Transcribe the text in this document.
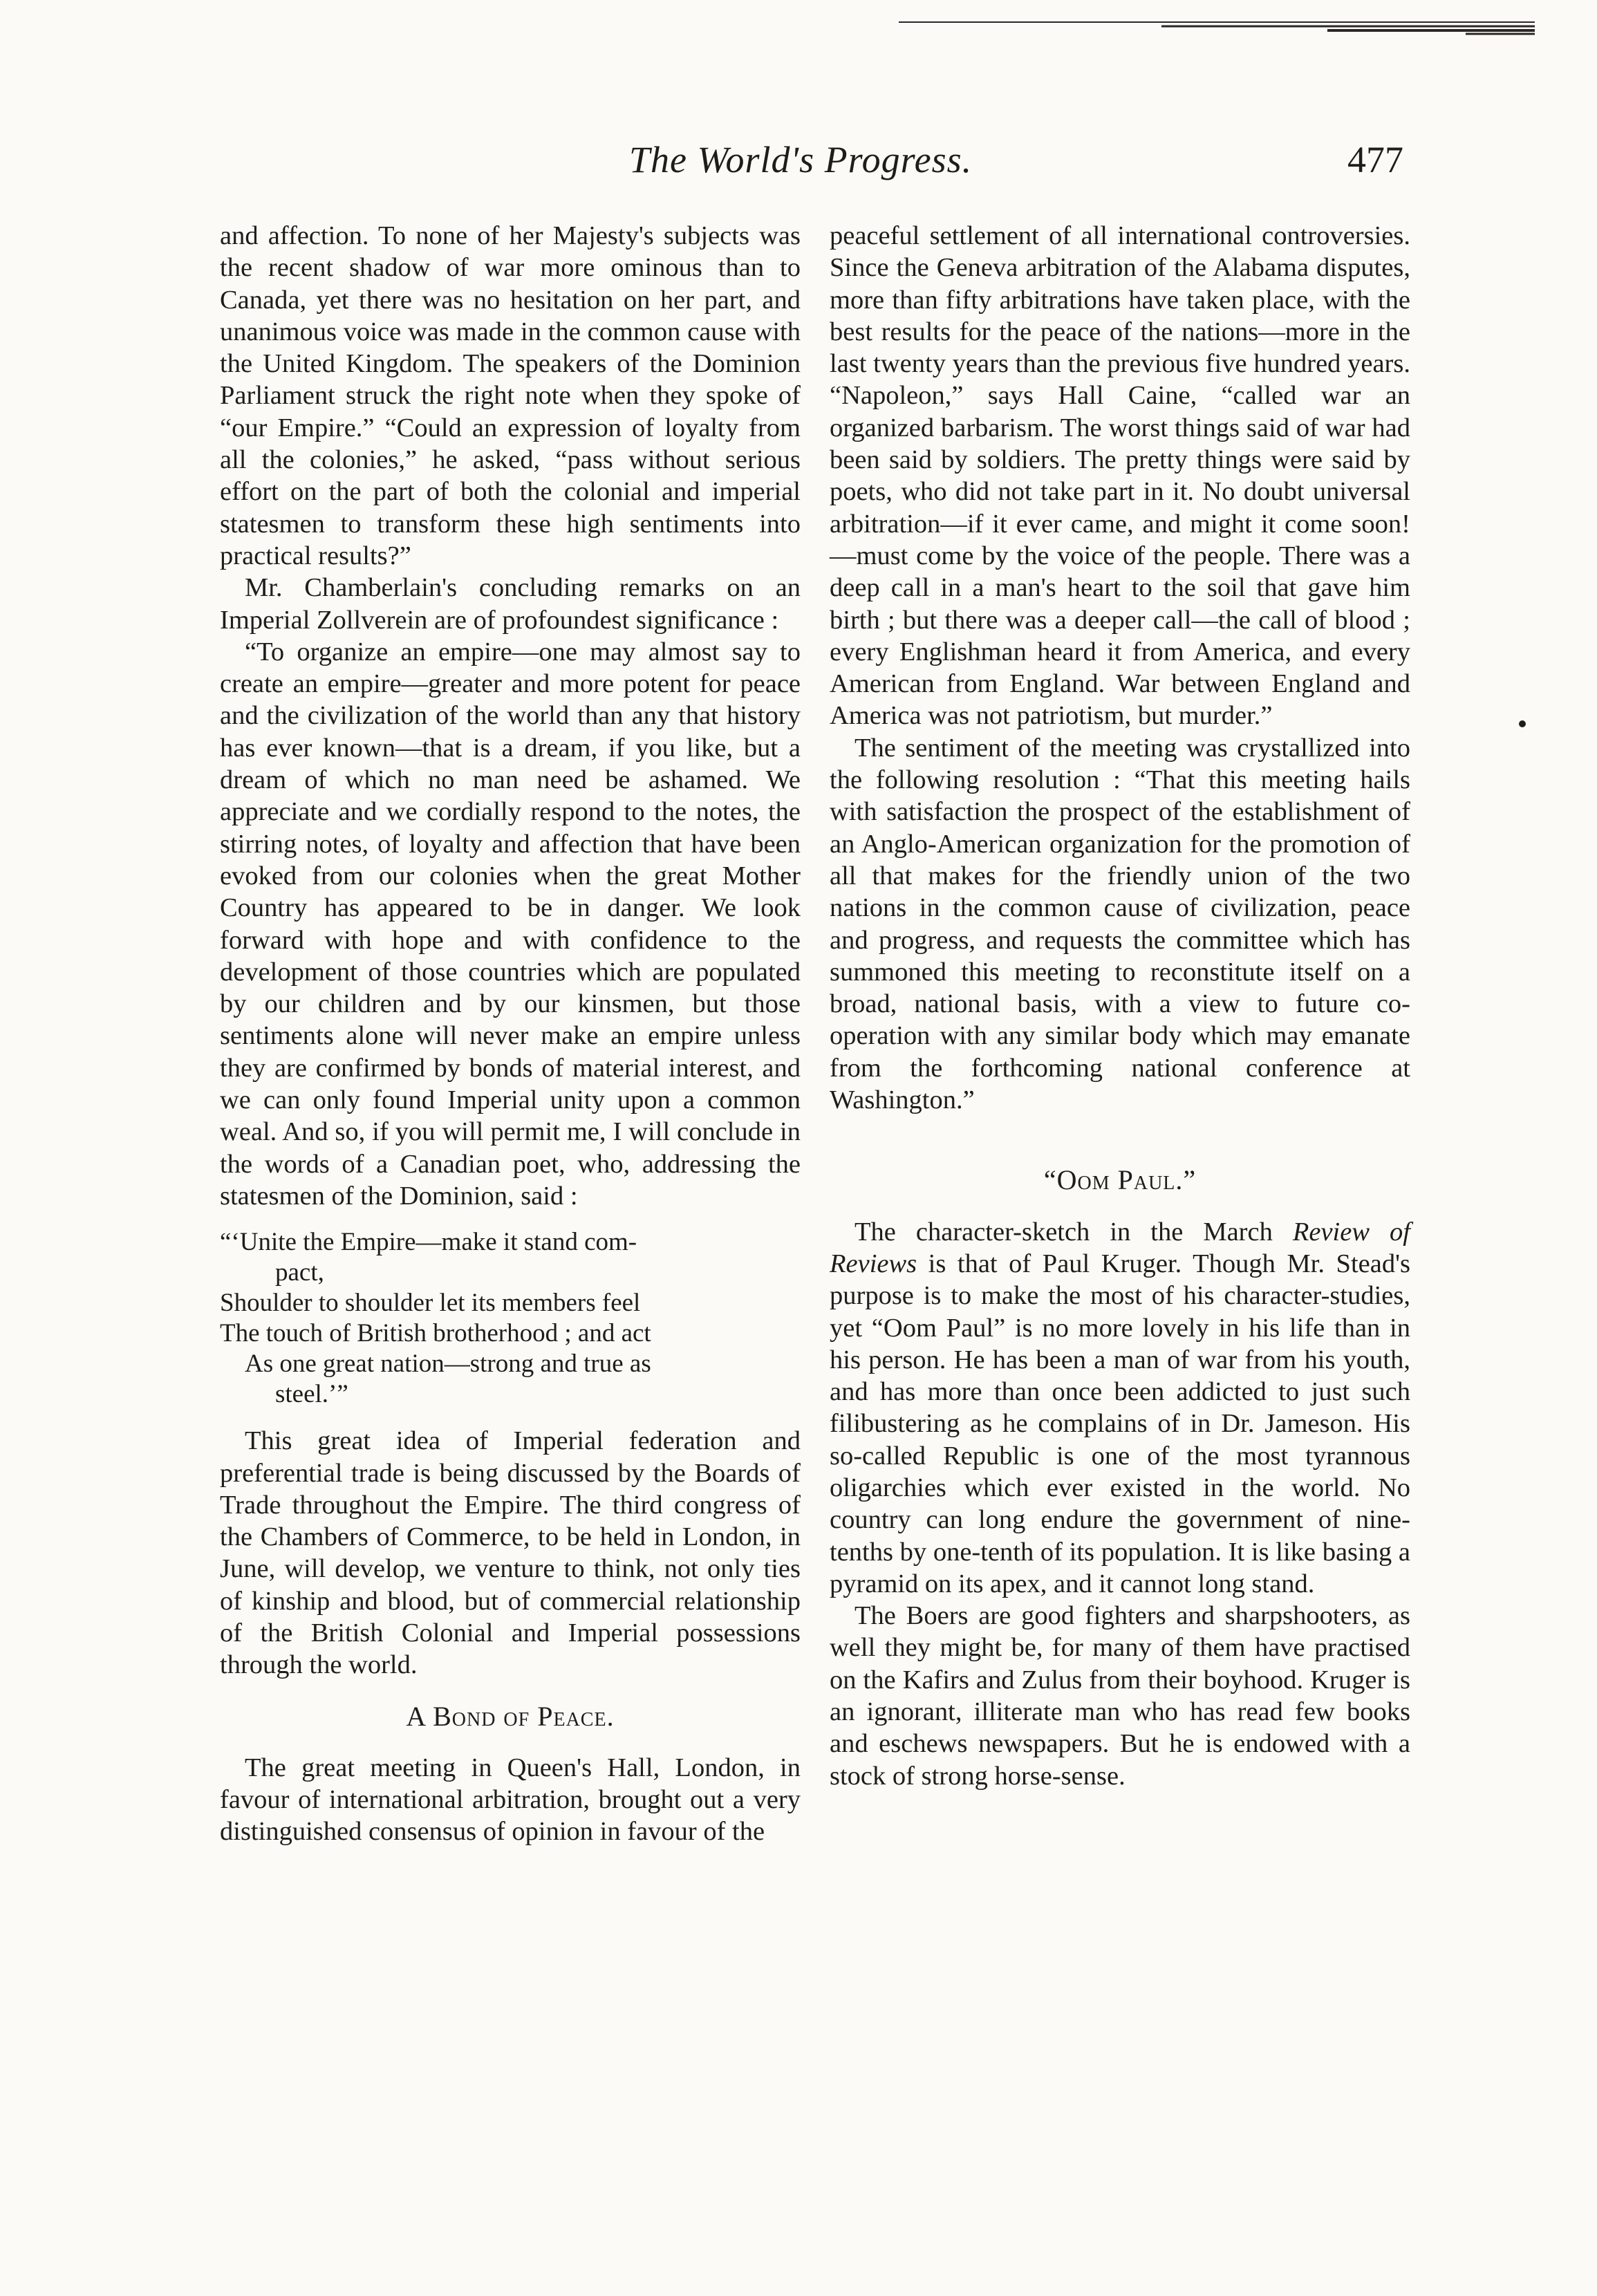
The World's Progress.	477

and affection. To none of her Majesty's subjects was the recent shadow of war more ominous than to Canada, yet there was no hesitation on her part, and unanimous voice was made in the common cause with the United Kingdom. The speakers of the Dominion Parliament struck the right note when they spoke of “our Empire.” “Could an expression of loyalty from all the colonies,” he asked, “pass without serious effort on the part of both the colonial and imperial statesmen to transform these high sentiments into practical results?”

Mr. Chamberlain's concluding remarks on an Imperial Zollverein are of profoundest significance :

“To organize an empire—one may almost say to create an empire—greater and more potent for peace and the civilization of the world than any that history has ever known—that is a dream, if you like, but a dream of which no man need be ashamed. We appreciate and we cordially respond to the notes, the stirring notes, of loyalty and affection that have been evoked from our colonies when the great Mother Country has appeared to be in danger. We look forward with hope and with confidence to the development of those countries which are populated by our children and by our kinsmen, but those sentiments alone will never make an empire unless they are confirmed by bonds of material interest, and we can only found Imperial unity upon a common weal. And so, if you will permit me, I will conclude in the words of a Canadian poet, who, addressing the statesmen of the Dominion, said :

“‘Unite the Empire—make it stand com-
pact,
Shoulder to shoulder let its members feel
The touch of British brotherhood ; and act
As one great nation—strong and true as
steel.’”

This great idea of Imperial federation and preferential trade is being discussed by the Boards of Trade throughout the Empire. The third congress of the Chambers of Commerce, to be held in London, in June, will develop, we venture to think, not only ties of kinship and blood, but of commercial relationship of the British Colonial and Imperial possessions through the world.

A Bond of Peace.

The great meeting in Queen's Hall, London, in favour of international arbitration, brought out a very distinguished consensus of opinion in favour of the

peaceful settlement of all international controversies. Since the Geneva arbitration of the Alabama disputes, more than fifty arbitrations have taken place, with the best results for the peace of the nations—more in the last twenty years than the previous five hundred years. “Napoleon,” says Hall Caine, “called war an organized barbarism. The worst things said of war had been said by soldiers. The pretty things were said by poets, who did not take part in it. No doubt universal arbitration—if it ever came, and might it come soon!—must come by the voice of the people. There was a deep call in a man's heart to the soil that gave him birth ; but there was a deeper call—the call of blood ; every Englishman heard it from America, and every American from England. War between England and America was not patriotism, but murder.”

The sentiment of the meeting was crystallized into the following resolution : “That this meeting hails with satisfaction the prospect of the establishment of an Anglo-American organization for the promotion of all that makes for the friendly union of the two nations in the common cause of civilization, peace and progress, and requests the committee which has summoned this meeting to reconstitute itself on a broad, national basis, with a view to future co-operation with any similar body which may emanate from the forthcoming national conference at Washington.”

“Oom Paul.”

The character-sketch in the March Review of Reviews is that of Paul Kruger. Though Mr. Stead's purpose is to make the most of his character-studies, yet “Oom Paul” is no more lovely in his life than in his person. He has been a man of war from his youth, and has more than once been addicted to just such filibustering as he complains of in Dr. Jameson. His so-called Republic is one of the most tyrannous oligarchies which ever existed in the world. No country can long endure the government of nine-tenths by one-tenth of its population. It is like basing a pyramid on its apex, and it cannot long stand.

The Boers are good fighters and sharpshooters, as well they might be, for many of them have practised on the Kafirs and Zulus from their boyhood. Kruger is an ignorant, illiterate man who has read few books and eschews newspapers. But he is endowed with a stock of strong horse-sense.
